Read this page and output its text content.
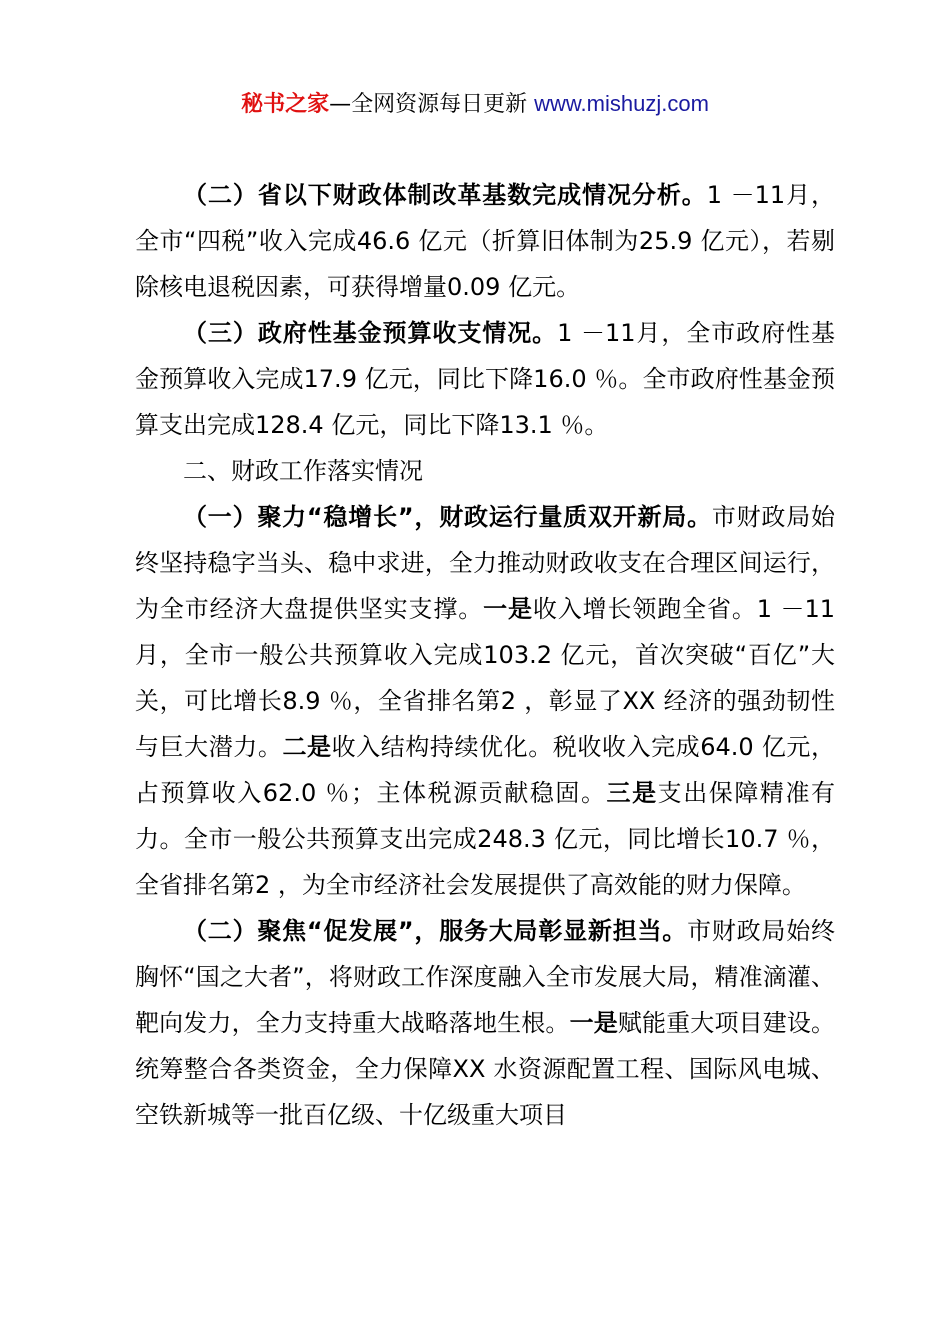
秘书之家—全网资源每日更新 www.mishuzj.com

（二）省以下财政体制改革基数完成情况分析。1 －11月，全市“四税”收入完成46.6 亿元（折算旧体制为25.9 亿元），若剔除核电退税因素，可获得增量0.09 亿元。

（三）政府性基金预算收支情况。1 －11月，全市政府性基金预算收入完成17.9 亿元，同比下降16.0 ％。全市政府性基金预算支出完成128.4 亿元，同比下降13.1 ％。

二、财政工作落实情况

（一）聚力“稳增长”，财政运行量质双开新局。市财政局始终坚持稳字当头、稳中求进，全力推动财政收支在合理区间运行，为全市经济大盘提供坚实支撑。一是收入增长领跑全省。1 －11月，全市一般公共预算收入完成103.2 亿元，首次突破“百亿”大关，可比增长8.9 ％，全省排名第2 ，彰显了XX 经济的强劲韧性与巨大潜力。二是收入结构持续优化。税收收入完成64.0 亿元，占预算收入62.0 ％；主体税源贡献稳固。三是支出保障精准有力。全市一般公共预算支出完成248.3 亿元，同比增长10.7 ％，全省排名第2 ，为全市经济社会发展提供了高效能的财力保障。

（二）聚焦“促发展”，服务大局彰显新担当。市财政局始终胸怀“国之大者”，将财政工作深度融入全市发展大局，精准滴灌、靶向发力，全力支持重大战略落地生根。一是赋能重大项目建设。统筹整合各类资金，全力保障XX 水资源配置工程、国际风电城、空铁新城等一批百亿级、十亿级重大项目
